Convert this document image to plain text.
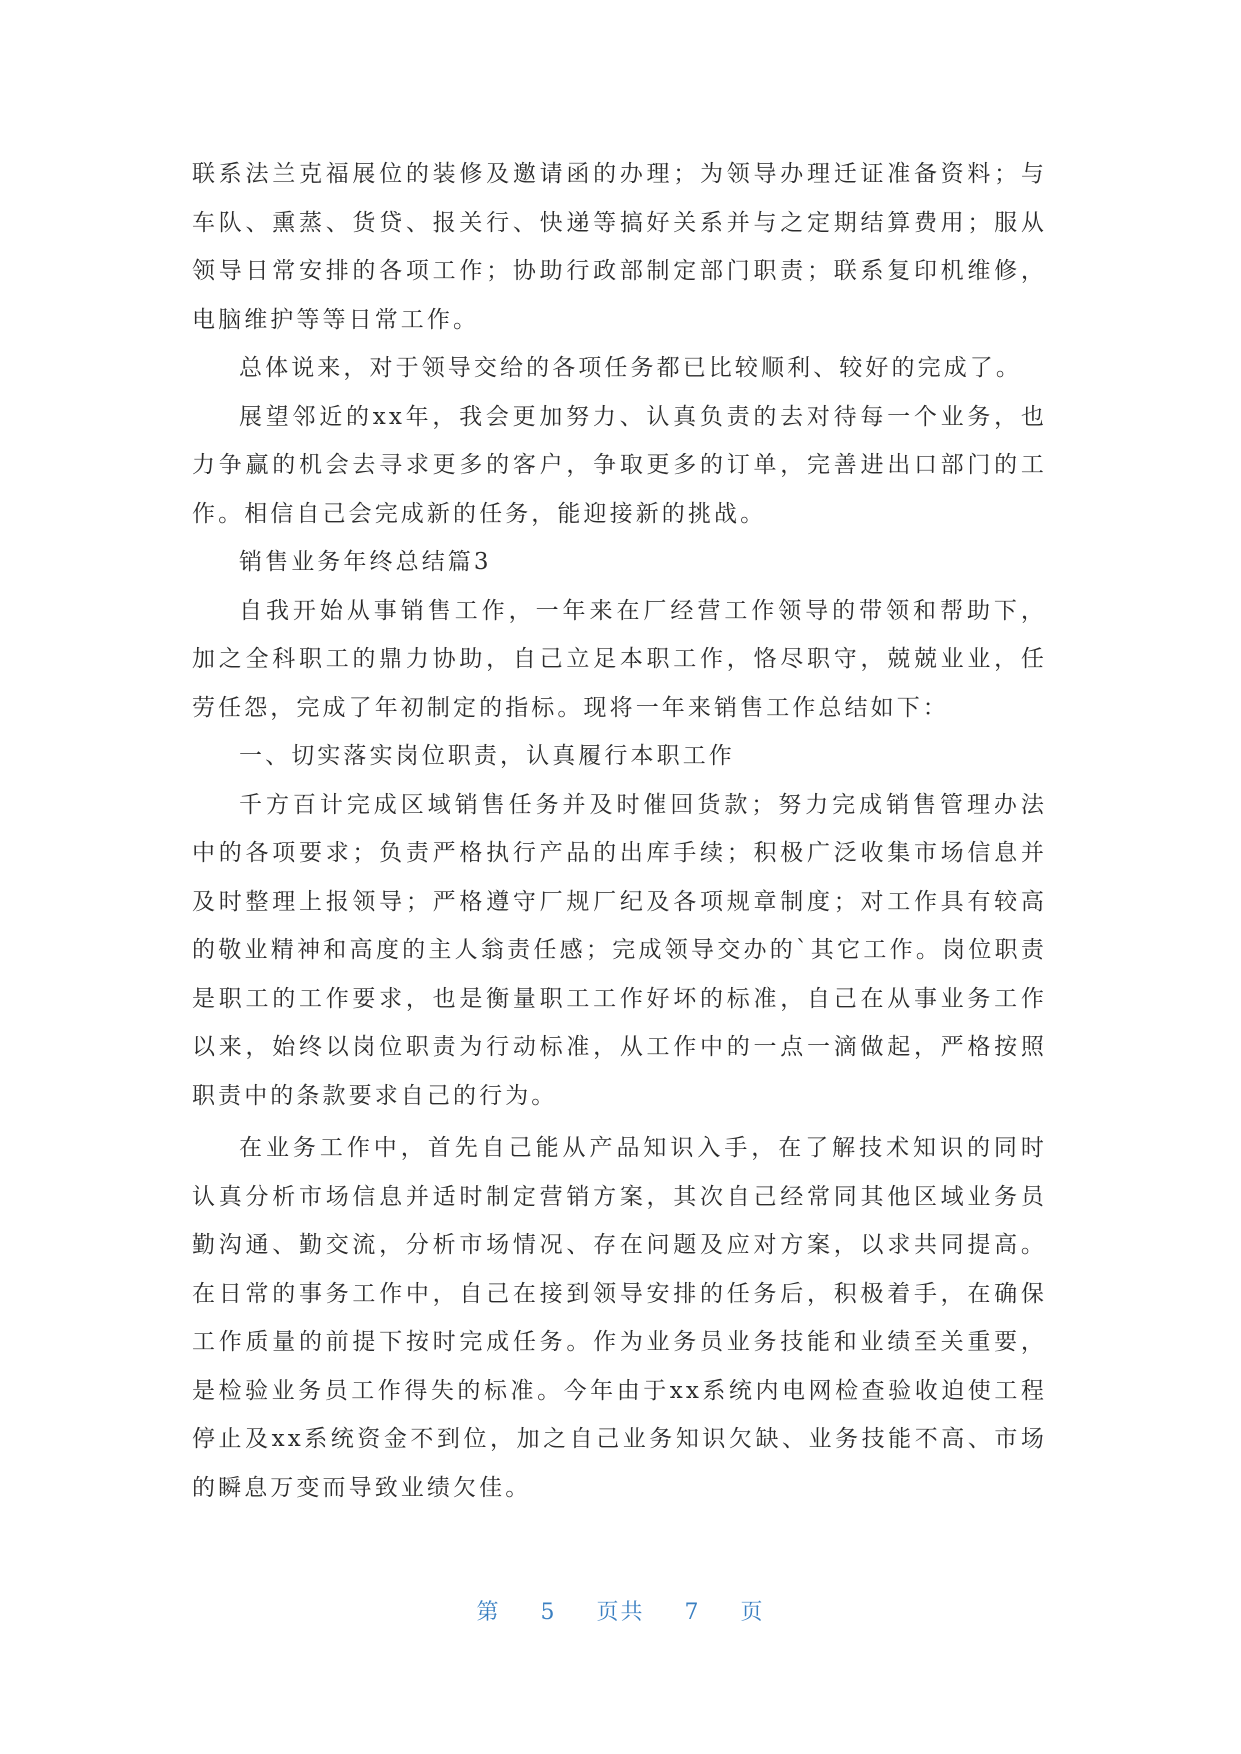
联系法兰克福展位的装修及邀请函的办理；为领导办理迁证准备资料；与车队、熏蒸、货贷、报关行、快递等搞好关系并与之定期结算费用；服从领导日常安排的各项工作；协助行政部制定部门职责；联系复印机维修，电脑维护等等日常工作。

总体说来，对于领导交给的各项任务都已比较顺利、较好的完成了。

展望邻近的xx年，我会更加努力、认真负责的去对待每一个业务，也力争赢的机会去寻求更多的客户，争取更多的订单，完善进出口部门的工作。相信自己会完成新的任务，能迎接新的挑战。

销售业务年终总结篇3

自我开始从事销售工作，一年来在厂经营工作领导的带领和帮助下，加之全科职工的鼎力协助，自己立足本职工作，恪尽职守，兢兢业业，任劳任怨，完成了年初制定的指标。现将一年来销售工作总结如下：

一、切实落实岗位职责，认真履行本职工作

千方百计完成区域销售任务并及时催回货款；努力完成销售管理办法中的各项要求；负责严格执行产品的出库手续；积极广泛收集市场信息并及时整理上报领导；严格遵守厂规厂纪及各项规章制度；对工作具有较高的敬业精神和高度的主人翁责任感；完成领导交办的`其它工作。岗位职责是职工的工作要求，也是衡量职工工作好坏的标准，自己在从事业务工作以来，始终以岗位职责为行动标准，从工作中的一点一滴做起，严格按照职责中的条款要求自己的行为。

在业务工作中，首先自己能从产品知识入手，在了解技术知识的同时认真分析市场信息并适时制定营销方案，其次自己经常同其他区域业务员勤沟通、勤交流，分析市场情况、存在问题及应对方案，以求共同提高。在日常的事务工作中，自己在接到领导安排的任务后，积极着手，在确保工作质量的前提下按时完成任务。作为业务员业务技能和业绩至关重要，是检验业务员工作得失的标准。今年由于xx系统内电网检查验收迫使工程停止及xx系统资金不到位，加之自己业务知识欠缺、业务技能不高、市场的瞬息万变而导致业绩欠佳。

第 5 页共 7 页
